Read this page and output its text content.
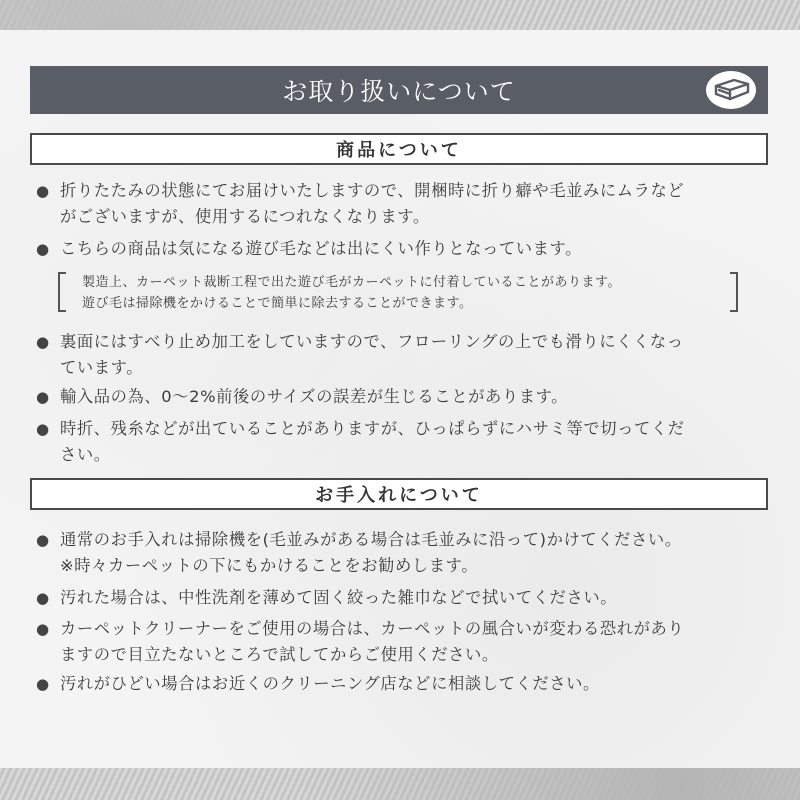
お取り扱いについて
商品について
● 折りたたみの状態にてお届けいたしますので、開梱時に折り癖や毛並みにムラなど
がございますが、使用するにつれなくなります。
● こちらの商品は気になる遊び毛などは出にくい作りとなっています。
製造上、カーペット裁断工程で出た遊び毛がカーペットに付着していることがあります。
遊び毛は掃除機をかけることで簡単に除去することができます。
● 裏面にはすべり止め加工をしていますので、フローリングの上でも滑りにくくなっ
ています。
● 輸入品の為、0〜2%前後のサイズの誤差が生じることがあります。
● 時折、残糸などが出ていることがありますが、ひっぱらずにハサミ等で切ってくだ
さい。
お手入れについて
● 通常のお手入れは掃除機を(毛並みがある場合は毛並みに沿って)かけてください。
※時々カーペットの下にもかけることをお勧めします。
● 汚れた場合は、中性洗剤を薄めて固く絞った雑巾などで拭いてください。
● カーペットクリーナーをご使用の場合は、カーペットの風合いが変わる恐れがあり
ますので目立たないところで試してからご使用ください。
● 汚れがひどい場合はお近くのクリーニング店などに相談してください。
